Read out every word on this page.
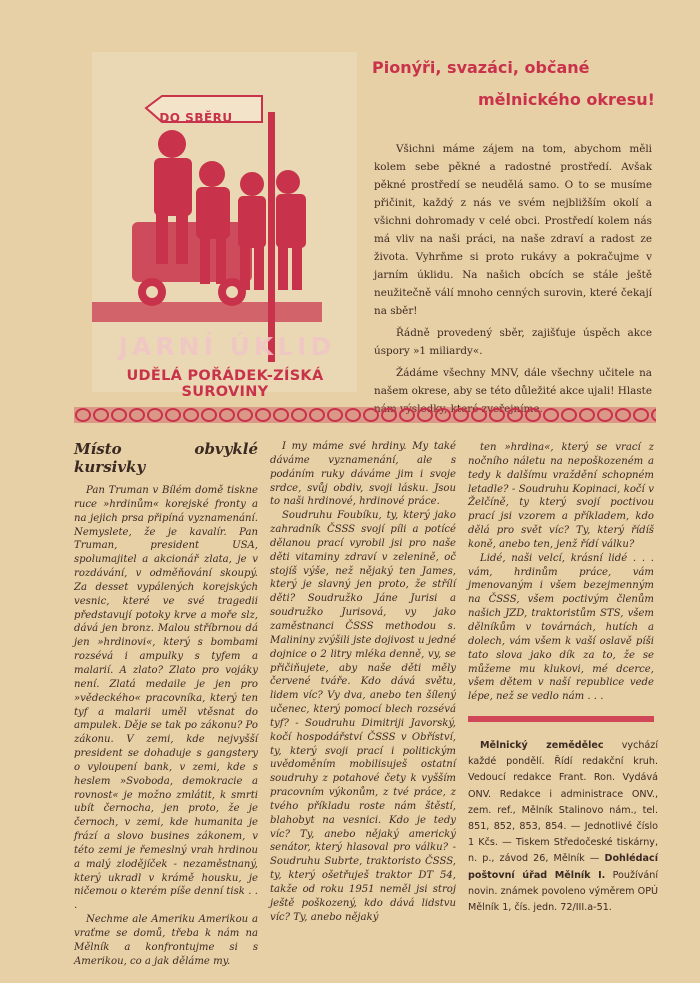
DO SBĚRU
JARNÍ ÚKLID
UDĚLÁ POŘÁDEK-ZÍSKÁ SUROVINY
Pionýři, svazáci, občané
mělnického okresu!

Všichni máme zájem na tom, abychom měli kolem sebe pěkné a radostné prostředí. Avšak pěkné prostředí se neudělá samo. O to se musíme přičinit, každý z nás ve svém nejbližším okolí a všichni dohromady v celé obci. Prostředí kolem nás má vliv na naši práci, na naše zdraví a radost ze života. Vyhrňme si proto rukávy a pokračujme v jarním úklidu. Na našich obcích se stále ještě neužitečně válí mnoho cenných surovin, které čekají na sběr!

Řádně provedený sběr, zajišťuje úspěch akce úspory »1 miliardy«.

Žádáme všechny MNV, dále všechny učitele na našem okrese, aby se této důležité akce ujali! Hlaste nám výsledky, které zveřejníme.

Místo obvyklé kursivky

Pan Truman v Bílém domě tiskne ruce »hrdinům« korejské fronty a na jejich prsa připíná vyznamenání. Nemyslete, že je kavalír. Pan Truman, president USA, spolumajitel a akcionář zlata, je v rozdávání, v odměňování skoupý. Za desset vypálených korejských vesnic, které ve své tragedii představují potoky krve a moře slz, dává jen bronz. Malou stříbrnou dá jen »hrdinovi«, který s bombami rozsévá i ampulky s tyfem a malarií. A zlato? Zlato pro vojáky není. Zlatá medaile je jen pro »vědeckého« pracovníka, který ten tyf a malarii uměl vtěsnat do ampulek. Děje se tak po zákonu? Po zákonu. V zemi, kde nejvyšší president se dohaduje s gangstery o vyloupení bank, v zemi, kde s heslem »Svoboda, demokracie a rovnost« je možno zmlátit, k smrti ubít černocha, jen proto, že je černoch, v zemi, kde humanita je frází a slovo busines zákonem, v této zemi je řemeslný vrah hrdinou a malý zlodějíček - nezaměstnaný, který ukradl v krámě housku, je ničemou o kterém píše denní tisk . . .

Nechme ale Ameriku Amerikou a vraťme se domů, třeba k nám na Mělník a konfrontujme si s Amerikou, co a jak děláme my.

I my máme své hrdiny. My také dáváme vyznamenání, ale s podáním ruky dáváme jim i svoje srdce, svůj obdiv, svoji lásku. Jsou to naši hrdinové, hrdinové práce.

Soudruhu Foubíku, ty, který jako zahradník ČSSS svojí píli a potícé dělanou prací vyrobil jsi pro naše děti vitaminy zdraví v zelenině, oč stojíš výše, než nějaký ten James, který je slavný jen proto, že střílí děti? Soudružko Jáne Jurisi a soudružko Jurisová, vy jako zaměstnanci ČSSS methodou s. Malininy zvýšili jste dojivost u jedné dojnice o 2 litry mléka denně, vy, se přičiňujete, aby naše děti měly červené tváře. Kdo dává světu, lidem víc? Vy dva, anebo ten šílený učenec, který pomocí blech rozsévá tyf? - Soudruhu Dimitriji Javorský, kočí hospodářství ČSSS v Obříství, ty, který svoji prací i politickým uvědoměním mobilisuješ ostatní soudruhy z potahové čety k vyšším pracovním výkonům, z tvé práce, z tvého příkladu roste nám štěstí, blahobyt na vesnici. Kdo je tedy víc? Ty, anebo nějaký americký senátor, který hlasoval pro válku? - Soudruhu Subrte, traktoristo ČSSS, ty, který ošetřuješ traktor DT 54, takže od roku 1951 neměl jsi stroj ještě poškozený, kdo dává lidstvu víc? Ty, anebo nějaký

ten »hrdina«, který se vrací z nočního náletu na nepoškozeném a tedy k dalšímu vraždění schopném letadle? - Soudruhu Kopinaci, kočí v Želčíně, ty který svojí poctivou prací jsi vzorem a příkladem, kdo dělá pro svět víc? Ty, který řídíš koně, anebo ten, jenž řídí válku?

Lidé, naši velcí, krásní lidé . . . vám, hrdinům práce, vám jmenovaným i všem bezejmenným na ČSSS, všem poctivým členům našich JZD, traktoristům STS, všem dělníkům v továrnách, hutích a dolech, vám všem k vaší oslavě píši tato slova jako dík za to, že se můžeme mu klukovi, mé dcerce, všem dětem v naší republice vede lépe, než se vedlo nám . . .

Mělnický zemědělec vychází každé pondělí. Řídí redakční kruh. Vedoucí redakce Frant. Ron. Vydává ONV. Redakce i administrace ONV., zem. ref., Mělník Stalinovo nám., tel. 851, 852, 853, 854. — Jednotlivé číslo 1 Kčs. — Tiskem Středočeské tiskárny, n. p., závod 26, Mělník — Dohlédací poštovní úřad Mělník I. Používání novin. známek povoleno výměrem OPÚ Mělník 1, čís. jedn. 72/III.a-51.
